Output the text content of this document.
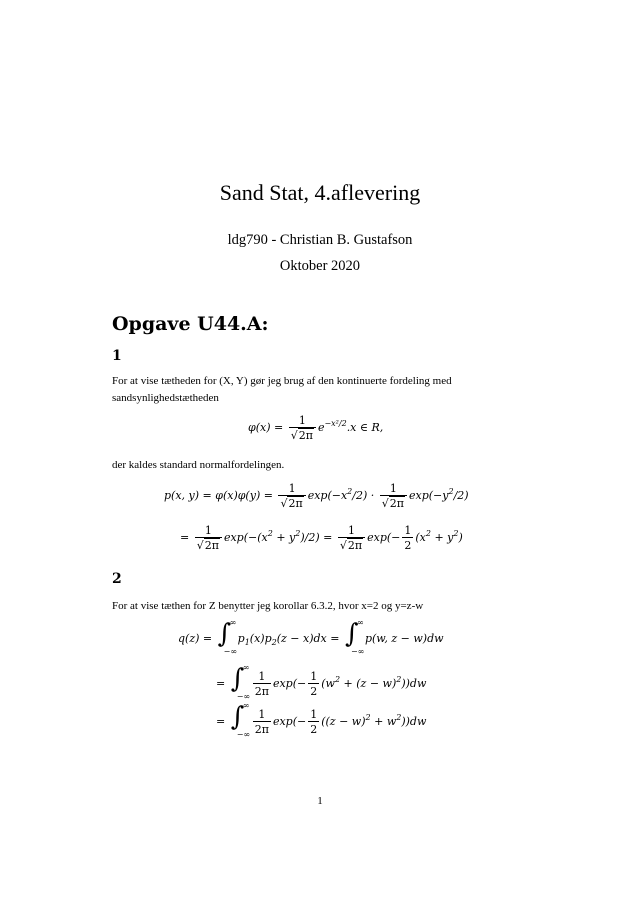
Sand Stat, 4.aflevering
ldg790 - Christian B. Gustafson
Oktober 2020
Opgave U44.A:
1
For at vise tætheden for (X, Y) gør jeg brug af den kontinuerte fordeling med
sandsynlighedstætheden
$\varphi(x) = \frac{1}{√2\pi} e^{-x^2/2}.x$ ∈ R,
der kaldes standard normalfordelingen.
p(x, $y) = \varphi(x)\varphi(y) = \frac{1}{√2\pi} \exp(-x^2/2) \cdot \frac{1}{√2\pi} \exp(-y^2/2)$
= $\frac{1}{√2\pi} \exp(-(x^2 + y^2)/2) = \frac{1}{√2\pi} \exp(- \frac{1}{2} (x^2 + y^2)$
2
For at vise tæthen for Z benytter jeg korollar 6.3.2, hvor x=2 og y=z-w
q(z) = ∫
∞
−∞
$p_1(x)p_2(z - x)dx$ = ∫
∞
−∞
p(w, z − w)dw
= ∫
∞
−∞ $\frac{1}{2\pi} \exp(- \frac{1}{2} (w^2 + (z - w)^2))dw$
= ∫
∞
−∞ $\frac{1}{2\pi} \exp(- \frac{1}{2} ((z - w)^2 + w^2))dw$
1
